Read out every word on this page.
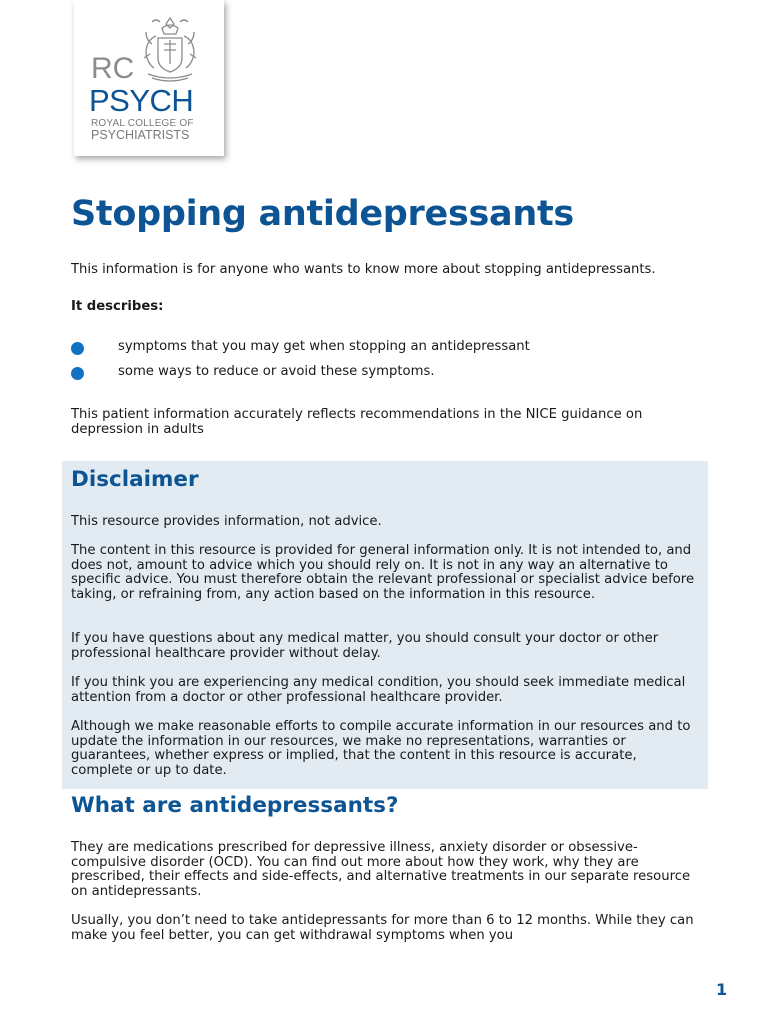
RC
PSYCH
ROYAL COLLEGE OF
PSYCHIATRISTS
Stopping antidepressants

This information is for anyone who wants to know more about stopping antidepressants.

It describes:

symptoms that you may get when stopping an antidepressant
some ways to reduce or avoid these symptoms.

This patient information accurately reflects recommendations in the NICE guidance on depression in adults

Disclaimer

This resource provides information, not advice.

The content in this resource is provided for general information only. It is not intended to, and does not, amount to advice which you should rely on. It is not in any way an alternative to specific advice. You must therefore obtain the relevant professional or specialist advice before taking, or refraining from, any action based on the information in this resource.

If you have questions about any medical matter, you should consult your doctor or other professional healthcare provider without delay.

If you think you are experiencing any medical condition, you should seek immediate medical attention from a doctor or other professional healthcare provider.

Although we make reasonable efforts to compile accurate information in our resources and to update the information in our resources, we make no representations, warranties or guarantees, whether express or implied, that the content in this resource is accurate, complete or up to date.

What are antidepressants?

They are medications prescribed for depressive illness, anxiety disorder or obsessive-compulsive disorder (OCD). You can find out more about how they work, why they are prescribed, their effects and side-effects, and alternative treatments in our separate resource on antidepressants.

Usually, you don’t need to take antidepressants for more than 6 to 12 months. While they can make you feel better, you can get withdrawal symptoms when you

1
